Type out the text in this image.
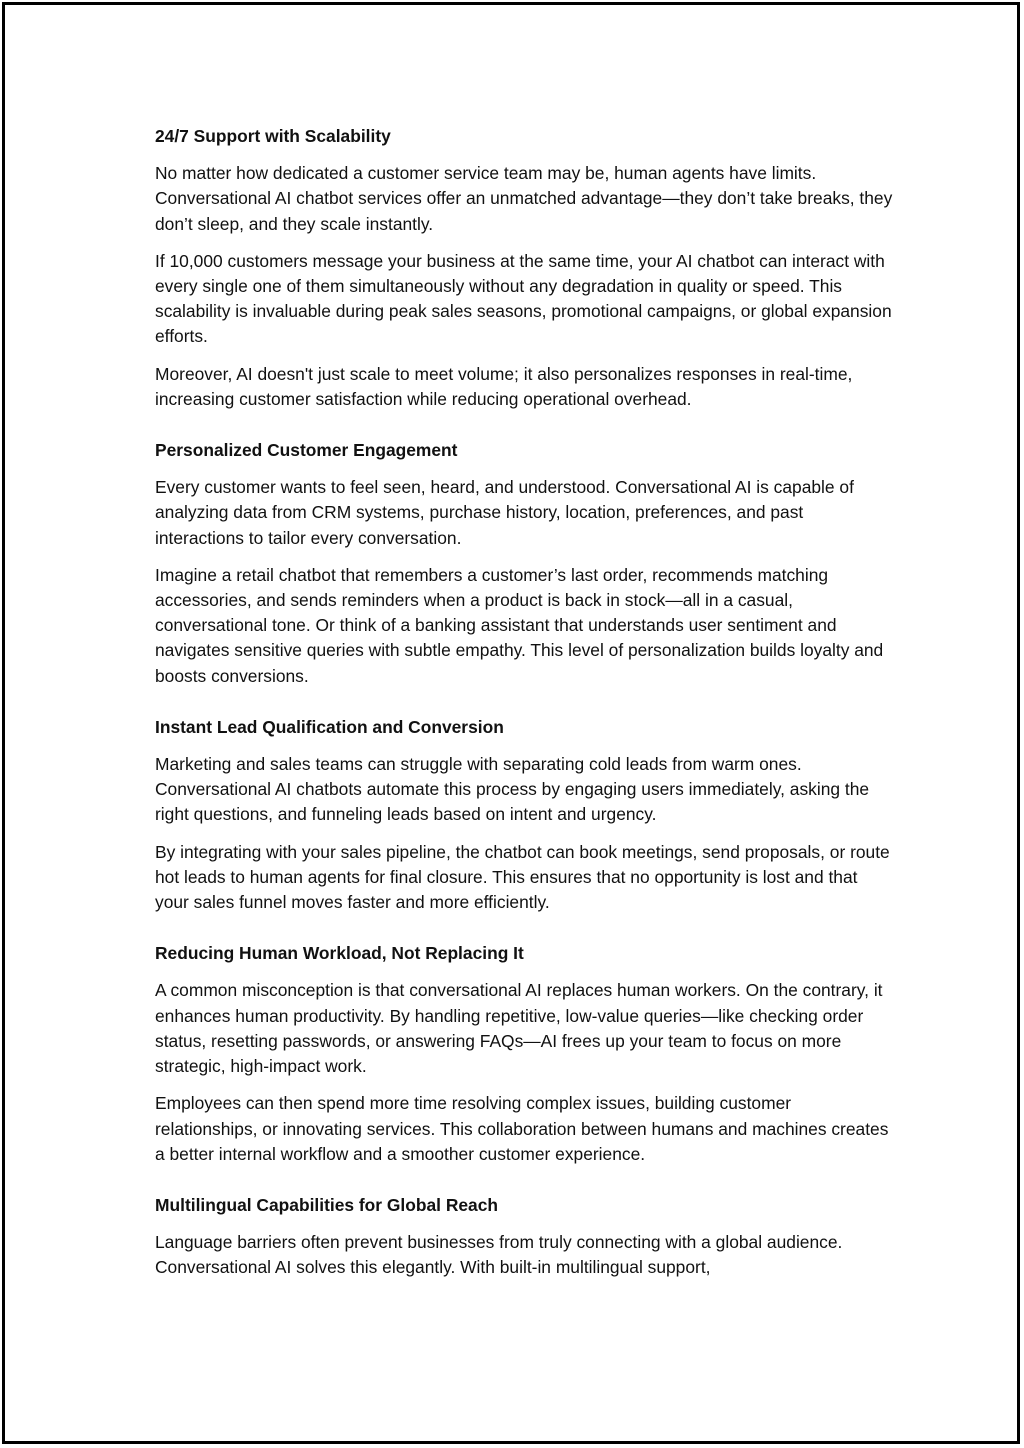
24/7 Support with Scalability

No matter how dedicated a customer service team may be, human agents have limits. Conversational AI chatbot services offer an unmatched advantage—they don’t take breaks, they don’t sleep, and they scale instantly.

If 10,000 customers message your business at the same time, your AI chatbot can interact with every single one of them simultaneously without any degradation in quality or speed. This scalability is invaluable during peak sales seasons, promotional campaigns, or global expansion efforts.

Moreover, AI doesn't just scale to meet volume; it also personalizes responses in real-time, increasing customer satisfaction while reducing operational overhead.

Personalized Customer Engagement

Every customer wants to feel seen, heard, and understood. Conversational AI is capable of analyzing data from CRM systems, purchase history, location, preferences, and past interactions to tailor every conversation.

Imagine a retail chatbot that remembers a customer’s last order, recommends matching accessories, and sends reminders when a product is back in stock—all in a casual, conversational tone. Or think of a banking assistant that understands user sentiment and navigates sensitive queries with subtle empathy. This level of personalization builds loyalty and boosts conversions.

Instant Lead Qualification and Conversion

Marketing and sales teams can struggle with separating cold leads from warm ones. Conversational AI chatbots automate this process by engaging users immediately, asking the right questions, and funneling leads based on intent and urgency.

By integrating with your sales pipeline, the chatbot can book meetings, send proposals, or route hot leads to human agents for final closure. This ensures that no opportunity is lost and that your sales funnel moves faster and more efficiently.

Reducing Human Workload, Not Replacing It

A common misconception is that conversational AI replaces human workers. On the contrary, it enhances human productivity. By handling repetitive, low-value queries—like checking order status, resetting passwords, or answering FAQs—AI frees up your team to focus on more strategic, high-impact work.

Employees can then spend more time resolving complex issues, building customer relationships, or innovating services. This collaboration between humans and machines creates a better internal workflow and a smoother customer experience.

Multilingual Capabilities for Global Reach

Language barriers often prevent businesses from truly connecting with a global audience. Conversational AI solves this elegantly. With built-in multilingual support,
